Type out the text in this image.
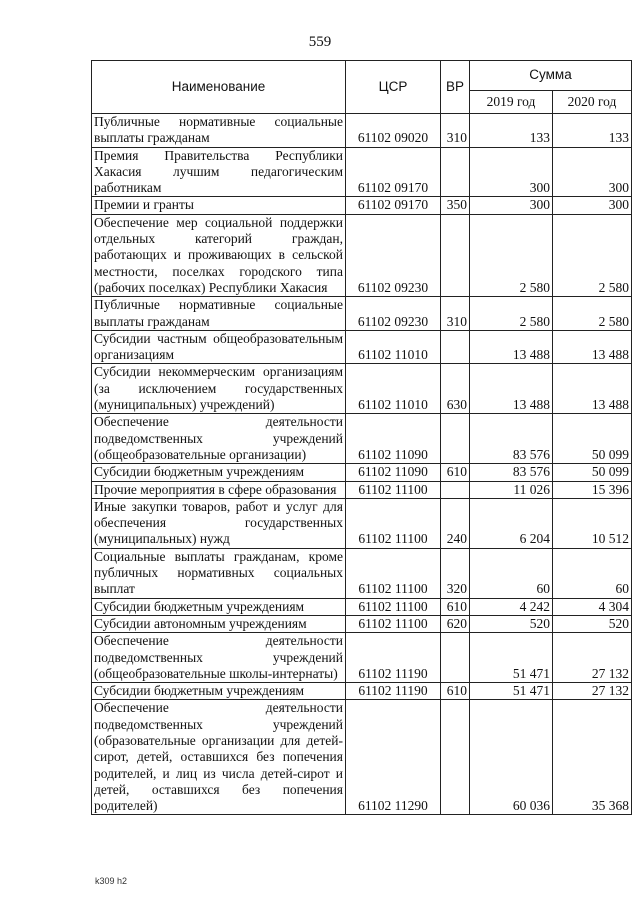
559
Наименование	ЦСР	ВР	Сумма	
			2019 год	2020 год
Публичные нормативные социальные выплаты гражданам	61102 09020	310	133	133
Премия Правительства Республики Хакасия лучшим педагогическим работникам	61102 09170		300	300
Премии и гранты	61102 09170	350	300	300
Обеспечение мер социальной поддержки отдельных категорий граждан, работающих и проживающих в сельской местности, поселках городского типа (рабочих поселках) Республики Хакасия	61102 09230		2 580	2 580
Публичные нормативные социальные выплаты гражданам	61102 09230	310	2 580	2 580
Субсидии частным общеобразовательным организациям	61102 11010		13 488	13 488
Субсидии некоммерческим организациям (за исключением государственных (муниципальных) учреждений)	61102 11010	630	13 488	13 488
Обеспечение деятельности подведомственных учреждений (общеобразовательные организации)	61102 11090		83 576	50 099
Субсидии бюджетным учреждениям	61102 11090	610	83 576	50 099
Прочие мероприятия в сфере образования	61102 11100		11 026	15 396
Иные закупки товаров, работ и услуг для обеспечения государственных (муниципальных) нужд	61102 11100	240	6 204	10 512
Социальные выплаты гражданам, кроме публичных нормативных социальных выплат	61102 11100	320	60	60
Субсидии бюджетным учреждениям	61102 11100	610	4 242	4 304
Субсидии автономным учреждениям	61102 11100	620	520	520
Обеспечение деятельности подведомственных учреждений (общеобразовательные школы-интернаты)	61102 11190		51 471	27 132
Субсидии бюджетным учреждениям	61102 11190	610	51 471	27 132
Обеспечение деятельности подведомственных учреждений (образовательные организации для детей-сирот, детей, оставшихся без попечения родителей, и лиц из числа детей-сирот и детей, оставшихся без попечения родителей)	61102 11290		60 036	35 368
k309 h2
